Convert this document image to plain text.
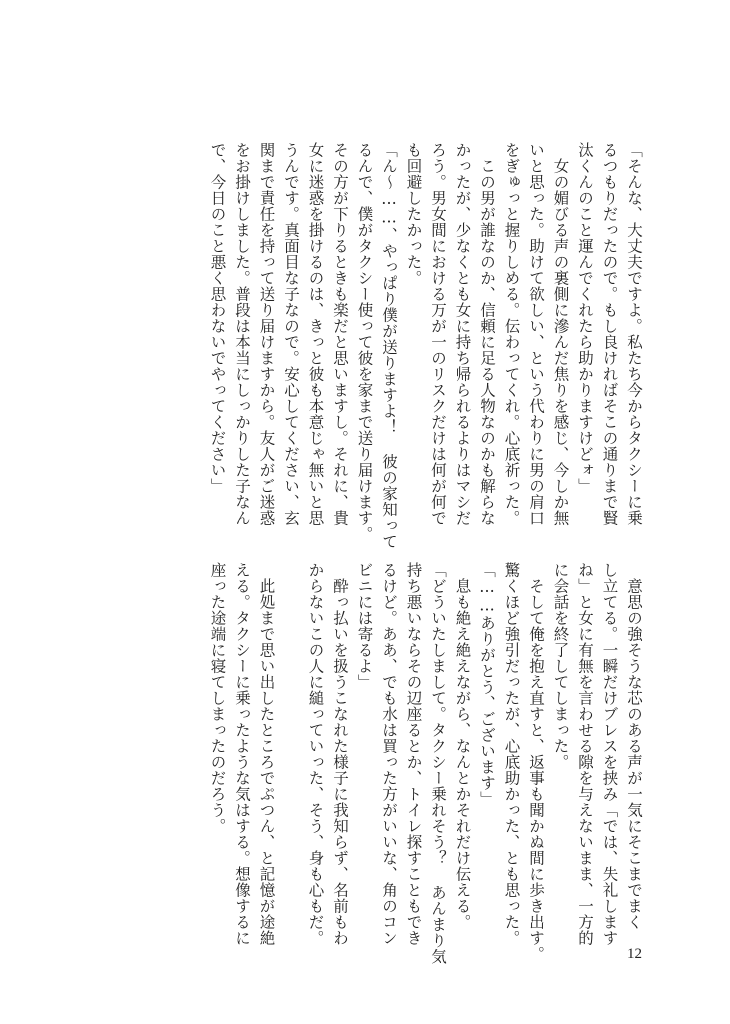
「そんな、大丈夫ですよ。私たち今からタクシーに乗
るつもりだったので。もし良ければそこの通りまで賢
汰くんのこと運んでくれたら助かりますけどォ」
　女の媚びる声の裏側に滲んだ焦りを感じ、今しか無
いと思った。助けて欲しい、という代わりに男の肩口
をぎゅっと握りしめる。伝わってくれ。心底祈った。
　この男が誰なのか、信頼に足る人物なのかも解らな
かったが、少なくとも女に持ち帰られるよりはマシだ
ろう。男女間における万が一のリスクだけは何が何で
も回避したかった。
「ん～……、やっぱり僕が送りますよ！ 彼の家知って
るんで、僕がタクシー使って彼を家まで送り届けます。
その方が下りるときも楽だと思いますし。それに、貴
女に迷惑を掛けるのは、きっと彼も本意じゃ無いと思
うんです。真面目な子なので。安心してください、玄
関まで責任を持って送り届けますから。友人がご迷惑
をお掛けしました。普段は本当にしっかりした子なん
で、今日のこと悪く思わないでやってください」
　意思の強そうな芯のある声が一気にそこまでまく
し立てる。一瞬だけブレスを挟み「では、失礼します
ね」と女に有無を言わせる隙を与えないまま、一方的
に会話を終了してしまった。
　そして俺を抱え直すと、返事も聞かぬ間に歩き出す。
驚くほど強引だったが、心底助かった、とも思った。
「……ありがとう、ございます」
　息も絶え絶えながら、なんとかそれだけ伝える。
「どういたしまして。タクシー乗れそう？ あんまり気
持ち悪いならその辺座るとか、トイレ探すこともでき
るけど。ああ、でも水は買った方がいいな、角のコン
ビニには寄るよ」
　酔っ払いを扱うこなれた様子に我知らず、名前もわ
からないこの人に縋っていった、そう、身も心もだ。

　此処まで思い出したところでぷつん、と記憶が途絶
える。タクシーに乗ったような気はする。想像するに
座った途端に寝てしまったのだろう。
12
